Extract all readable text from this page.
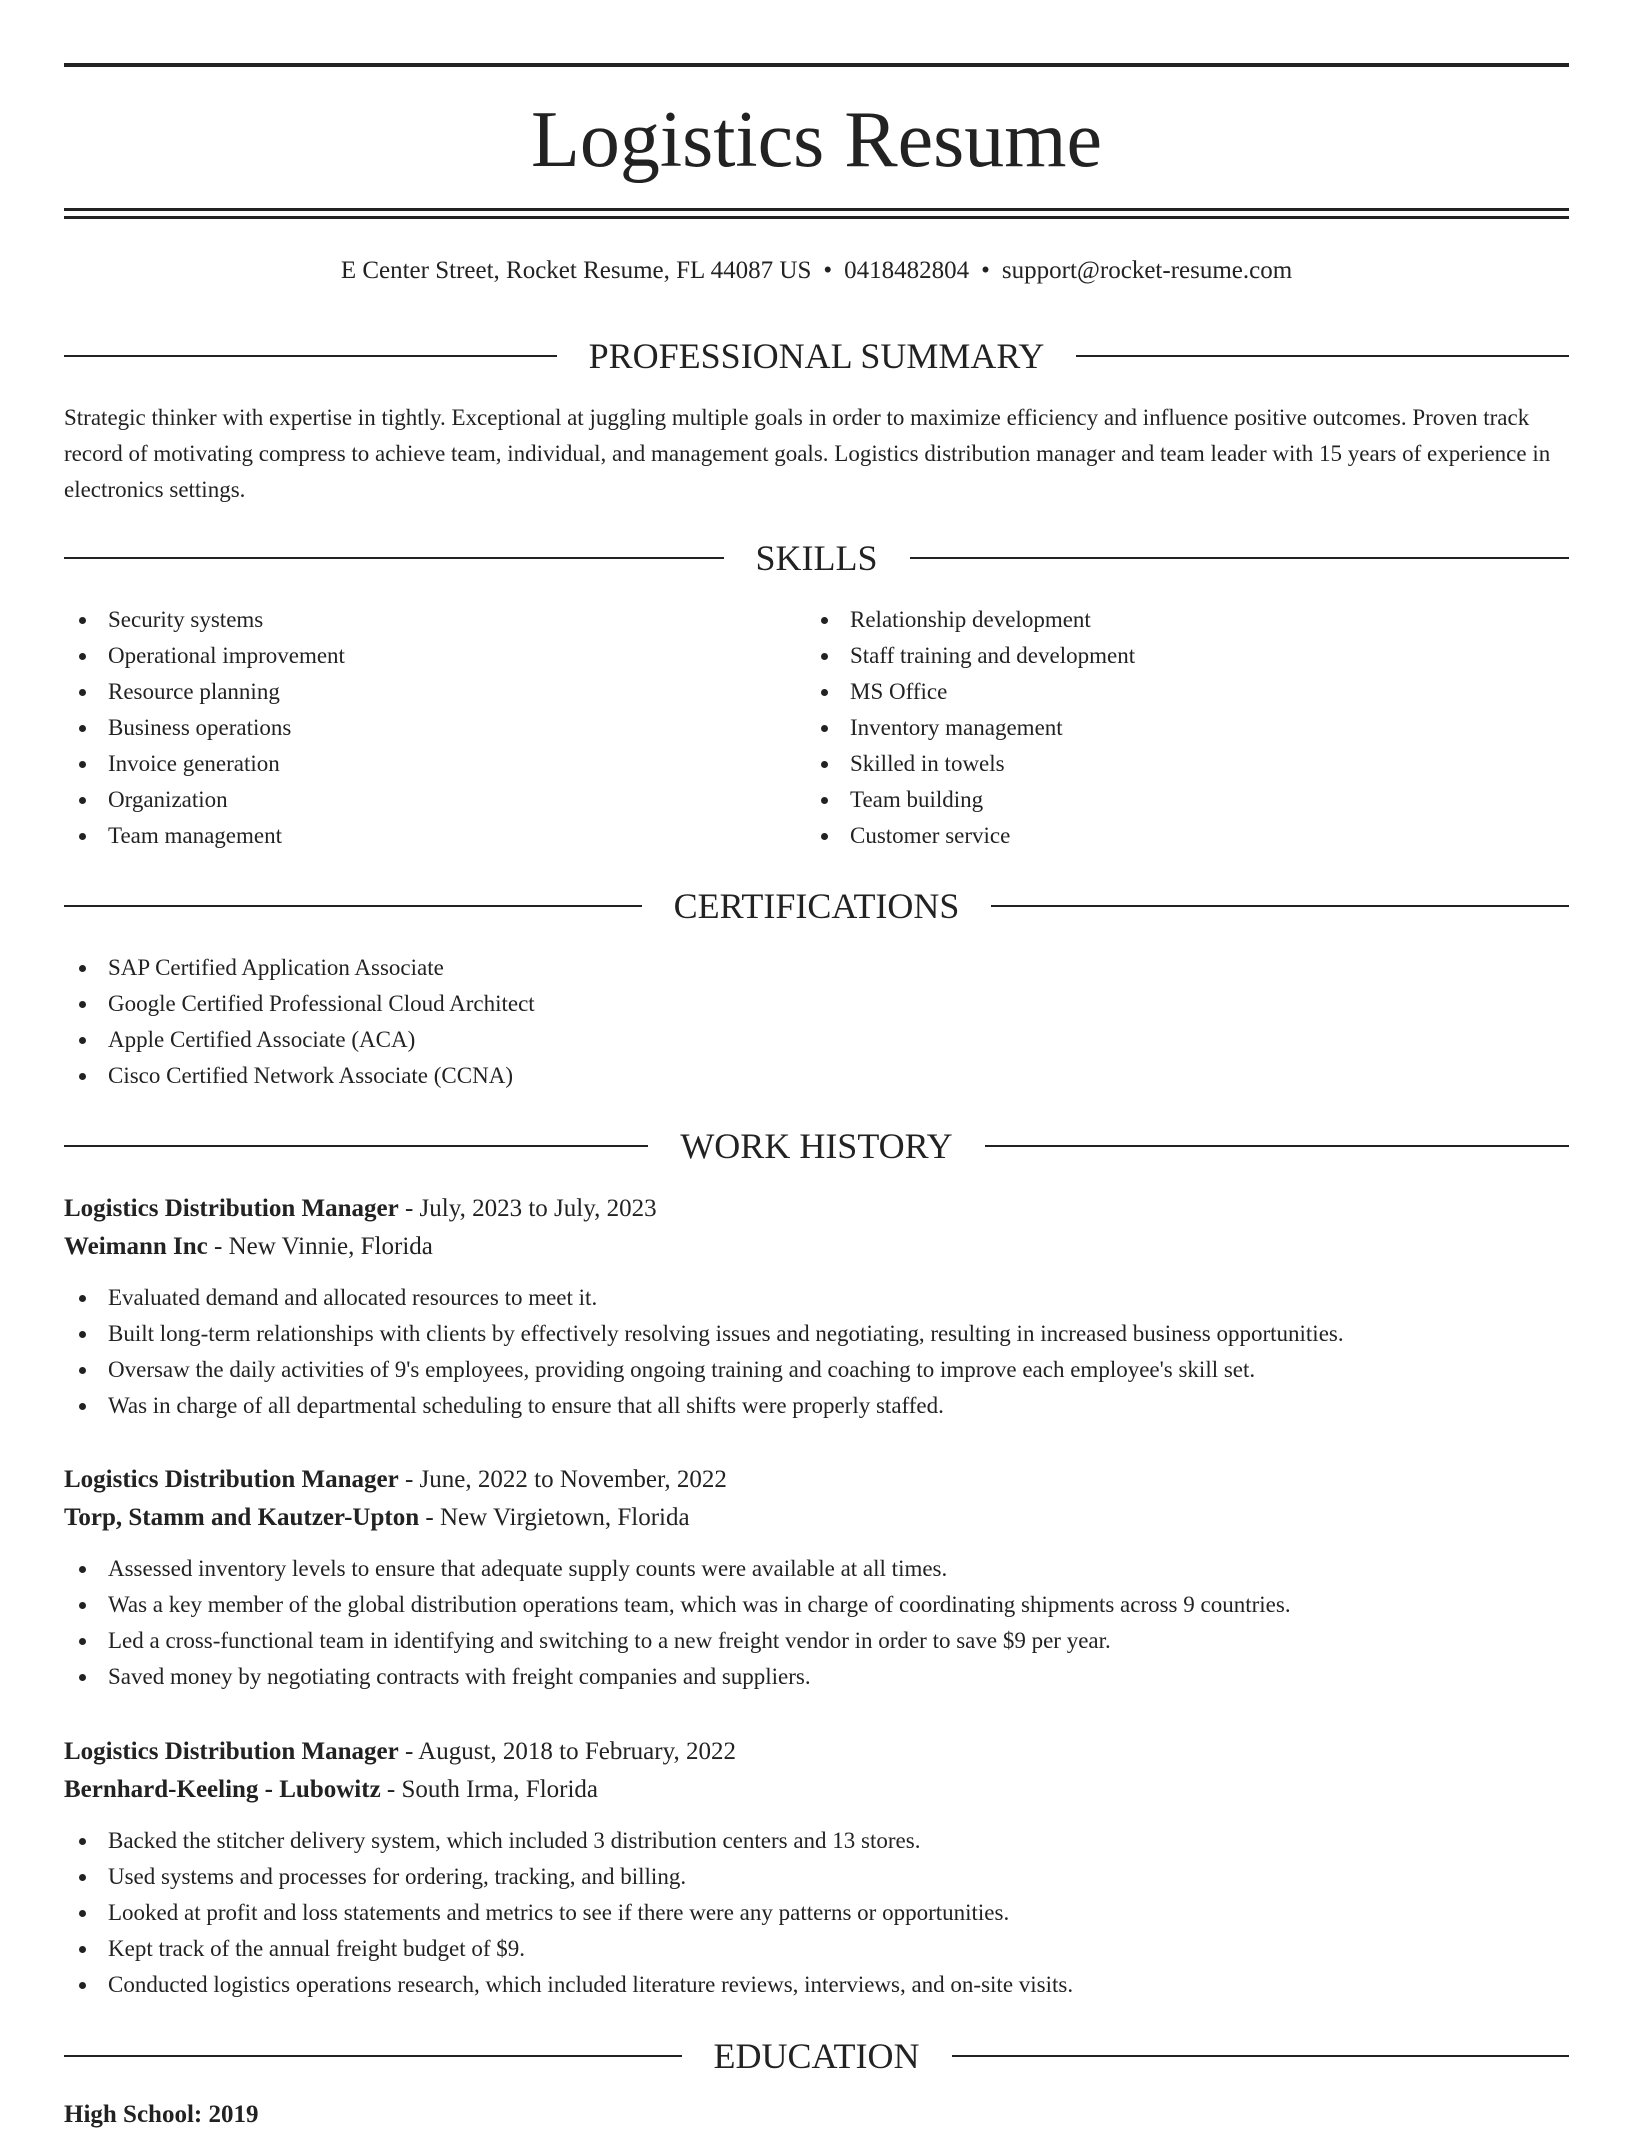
Logistics Resume
E Center Street, Rocket Resume, FL 44087 US • 0418482804 • support@rocket-resume.com
PROFESSIONAL SUMMARY

Strategic thinker with expertise in tightly. Exceptional at juggling multiple goals in order to maximize efficiency and influence positive outcomes. Proven track record of motivating compress to achieve team, individual, and management goals. Logistics distribution manager and team leader with 15 years of experience in electronics settings.

SKILLS
Security systems
Operational improvement
Resource planning
Business operations
Invoice generation
Organization
Team management
Relationship development
Staff training and development
MS Office
Inventory management
Skilled in towels
Team building
Customer service
CERTIFICATIONS
SAP Certified Application Associate
Google Certified Professional Cloud Architect
Apple Certified Associate (ACA)
Cisco Certified Network Associate (CCNA)
WORK HISTORY
Logistics Distribution Manager - July, 2023 to July, 2023
Weimann Inc - New Vinnie, Florida
Evaluated demand and allocated resources to meet it.
Built long-term relationships with clients by effectively resolving issues and negotiating, resulting in increased business opportunities.
Oversaw the daily activities of 9's employees, providing ongoing training and coaching to improve each employee's skill set.
Was in charge of all departmental scheduling to ensure that all shifts were properly staffed.
Logistics Distribution Manager - June, 2022 to November, 2022
Torp, Stamm and Kautzer-Upton - New Virgietown, Florida
Assessed inventory levels to ensure that adequate supply counts were available at all times.
Was a key member of the global distribution operations team, which was in charge of coordinating shipments across 9 countries.
Led a cross-functional team in identifying and switching to a new freight vendor in order to save $9 per year.
Saved money by negotiating contracts with freight companies and suppliers.
Logistics Distribution Manager - August, 2018 to February, 2022
Bernhard-Keeling - Lubowitz - South Irma, Florida
Backed the stitcher delivery system, which included 3 distribution centers and 13 stores.
Used systems and processes for ordering, tracking, and billing.
Looked at profit and loss statements and metrics to see if there were any patterns or opportunities.
Kept track of the annual freight budget of $9.
Conducted logistics operations research, which included literature reviews, interviews, and on-site visits.
EDUCATION
High School: 2019
